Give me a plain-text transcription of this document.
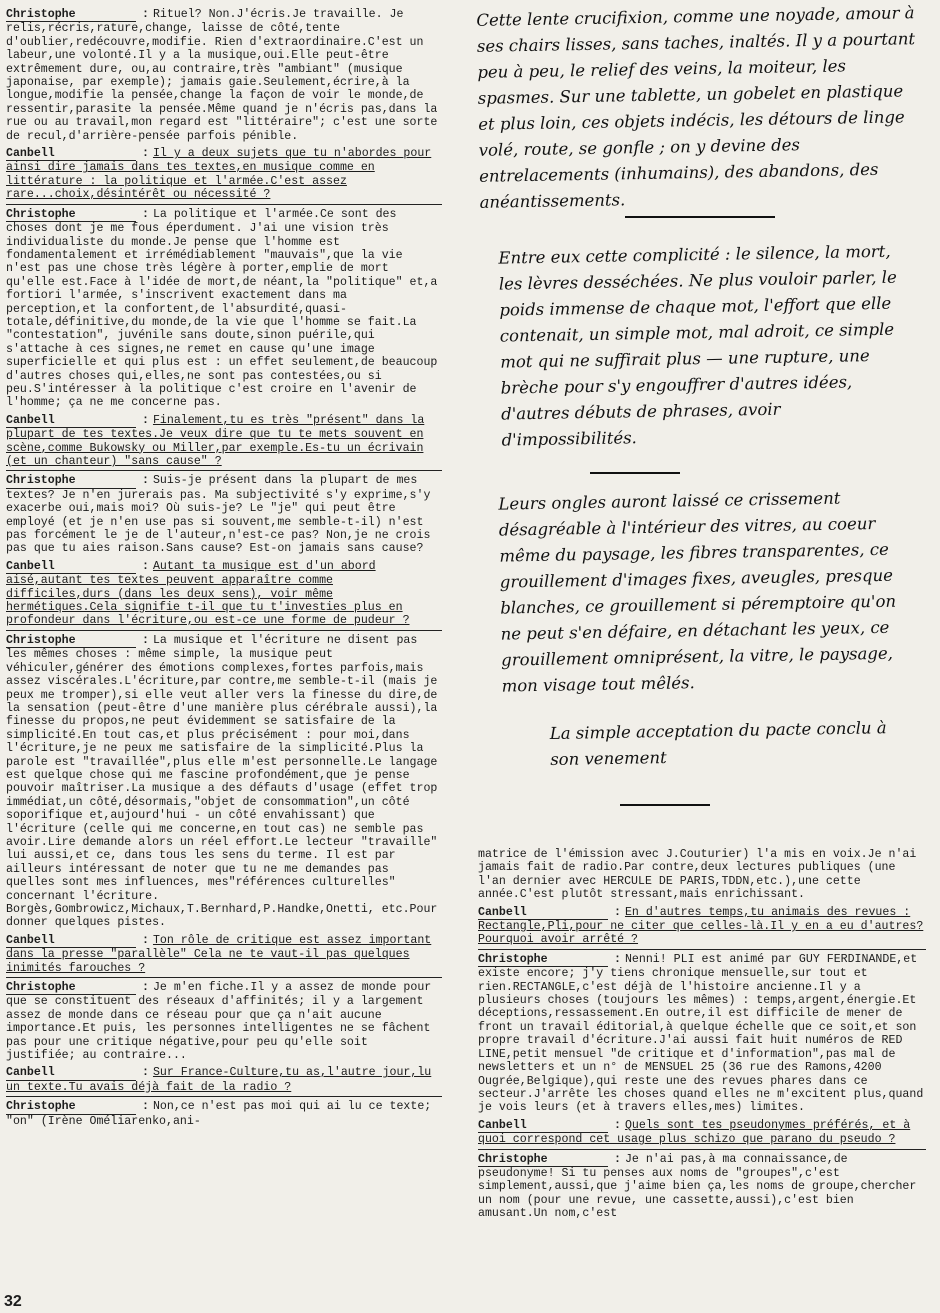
Christophe	: Rituel? Non.J'écris.Je travaille. Je relis,récris,rature,change, laisse de côté,tente d'oublier,redécouvre,modifie. Rien d'extraordinaire.C'est un labeur,une volonté.Il y a la musique,oui.Elle peut-être extrêmement dure, ou,au contraire,très "ambiant" (musique japonaise, par exemple); jamais gaie.Seulement,écrire,à la longue,modifie la pensée,change la façon de voir le monde,de ressentir,parasite la pensée.Même quand je n'écris pas,dans la rue ou au travail,mon regard est "littéraire"; c'est une sorte de recul,d'arrière-pensée parfois pénible.
Canbell	: Il y a deux sujets que tu n'abordes pour ainsi dire jamais dans tes textes,en musique comme en littérature : la politique et l'armée.C'est assez rare...choix,désintérêt ou nécessité ?
Christophe	: La politique et l'armée.Ce sont des choses dont je me fous éperdument. J'ai une vision très individualiste du monde.Je pense que l'homme est fondamentalement et irrémédiablement "mauvais",que la vie n'est pas une chose très légère à porter,emplie de mort qu'elle est.Face à l'idée de mort,de néant,la "politique" et,a fortiori l'armée, s'inscrivent exactement dans ma perception,et la confortent,de l'absurdité,quasi-totale,définitive,du monde,de la vie que l'homme se fait.La "contestation", juvénile sans doute,sinon puérile,qui s'attache à ces signes,ne remet en cause qu'une image superficielle et qui plus est : un effet seulement,de beaucoup d'autres choses qui,elles,ne sont pas contestées,ou si peu.S'intéresser à la politique c'est croire en l'avenir de l'homme; ça ne me concerne pas.
Canbell	: Finalement,tu es très "présent" dans la plupart de tes textes.Je veux dire que tu te mets souvent en scène,comme Bukowsky ou Miller,par exemple.Es-tu un écrivain (et un chanteur) "sans cause" ?
Christophe	: Suis-je présent dans la plupart de mes textes? Je n'en jurerais pas. Ma subjectivité s'y exprime,s'y exacerbe oui,mais moi? Où suis-je? Le "je" qui peut être employé (et je n'en use pas si souvent,me semble-t-il) n'est pas forcément le je de l'auteur,n'est-ce pas? Non,je ne crois pas que tu aies raison.Sans cause? Est-on jamais sans cause?
Canbell	: Autant ta musique est d'un abord aisé,autant tes textes peuvent apparaître comme difficiles,durs (dans les deux sens), voir même hermétiques.Cela signifie t-il que tu t'investies plus en profondeur dans l'écriture,ou est-ce une forme de pudeur ?
Christophe	: La musique et l'écriture ne disent pas les mêmes choses : même simple, la musique peut véhiculer,générer des émotions complexes,fortes parfois,mais assez viscérales.L'écriture,par contre,me semble-t-il (mais je peux me tromper),si elle veut aller vers la finesse du dire,de la sensation (peut-être d'une manière plus cérébrale aussi),la finesse du propos,ne peut évidemment se satisfaire de la simplicité.En tout cas,et plus précisément : pour moi,dans l'écriture,je ne peux me satisfaire de la simplicité.Plus la parole est "travaillée",plus elle m'est personnelle.Le langage est quelque chose qui me fascine profondément,que je pense pouvoir maîtriser.La musique a des défauts d'usage (effet trop immédiat,un côté,désormais,"objet de consommation",un côté soporifique et,aujourd'hui - un côté envahissant) que l'écriture (celle qui me concerne,en tout cas) ne semble pas avoir.Lire demande alors un réel effort.Le lecteur "travaille" lui aussi,et ce, dans tous les sens du terme. Il est par ailleurs intéressant de noter que tu ne me demandes pas quelles sont mes influences, mes"références culturelles" concernant l'écriture. Borgès,Gombrowicz,Michaux,T.Bernhard,P.Handke,Onetti, etc.Pour donner quelques pistes.
Canbell	: Ton rôle de critique est assez important dans la presse "parallèle" Cela ne te vaut-il pas quelques inimités farouches ?
Christophe	: Je m'en fiche.Il y a assez de monde pour que se constituent des réseaux d'affinités; il y a largement assez de monde dans ce réseau pour que ça n'ait aucune importance.Et puis, les personnes intelligentes ne se fâchent pas pour une critique négative,pour peu qu'elle soit justifiée; au contraire...
Canbell	: Sur France-Culture,tu as,l'autre jour,lu un texte.Tu avais déjà fait de la radio ?
Christophe	: Non,ce n'est pas moi qui ai lu ce texte; "on" (Irène Oméliarenko,ani-

Cette lente crucifixion, comme une noyade, amour à ses chairs lisses, sans taches, inaltés. Il y a pourtant peu à peu, le relief des veins, la moiteur, les spasmes. Sur une tablette, un gobelet en plastique et plus loin, ces objets indécis, les détours de linge volé, route, se gonfle ; on y devine des entrelacements (inhumains), des abandons, des anéantissements.

Entre eux cette complicité : le silence, la mort, les lèvres desséchées. Ne plus vouloir parler, le poids immense de chaque mot, l'effort que elle contenait, un simple mot, mal adroit, ce simple mot qui ne suffirait plus — une rupture, une brèche pour s'y engouffrer d'autres idées, d'autres débuts de phrases, avoir d'impossibilités.

Leurs ongles auront laissé ce crissement désagréable à l'intérieur des vitres, au coeur même du paysage, les fibres transparentes, ce grouillement d'images fixes, aveugles, presque blanches, ce grouillement si péremptoire qu'on ne peut s'en défaire, en détachant les yeux, ce grouillement omniprésent, la vitre, le paysage, mon visage tout mêlés.

La simple acceptation du pacte conclu à son venement

matrice de l'émission avec J.Couturier) l'a mis en voix.Je n'ai jamais fait de radio.Par contre,deux lectures publiques (une l'an dernier avec HERCULE DE PARIS,TDDN,etc.),une cette année.C'est plutôt stressant,mais enrichissant.
Canbell	: En d'autres temps,tu animais des revues : Rectangle,Pli,pour ne citer que celles-là.Il y en a eu d'autres? Pourquoi avoir arrêté ?
Christophe	: Nenni! PLI est animé par GUY FERDINANDE,et existe encore; j'y tiens chronique mensuelle,sur tout et rien.RECTANGLE,c'est déjà de l'histoire ancienne.Il y a plusieurs choses (toujours les mêmes) : temps,argent,énergie.Et déceptions,ressassement.En outre,il est difficile de mener de front un travail éditorial,à quelque échelle que ce soit,et son propre travail d'écriture.J'ai aussi fait huit numéros de RED LINE,petit mensuel "de critique et d'information",pas mal de newsletters et un n° de MENSUEL 25 (36 rue des Ramons,4200 Ougrée,Belgique),qui reste une des revues phares dans ce secteur.J'arrête les choses quand elles ne m'excitent plus,quand je vois leurs (et à travers elles,mes) limites.
Canbell	: Quels sont tes pseudonymes préférés, et à quoi correspond cet usage plus schizo que parano du pseudo ?
Christophe	: Je n'ai pas,à ma connaissance,de pseudonyme! Si tu penses aux noms de "groupes",c'est simplement,aussi,que j'aime bien ça,les noms de groupe,chercher un nom (pour une revue, une cassette,aussi),c'est bien amusant.Un nom,c'est
32
